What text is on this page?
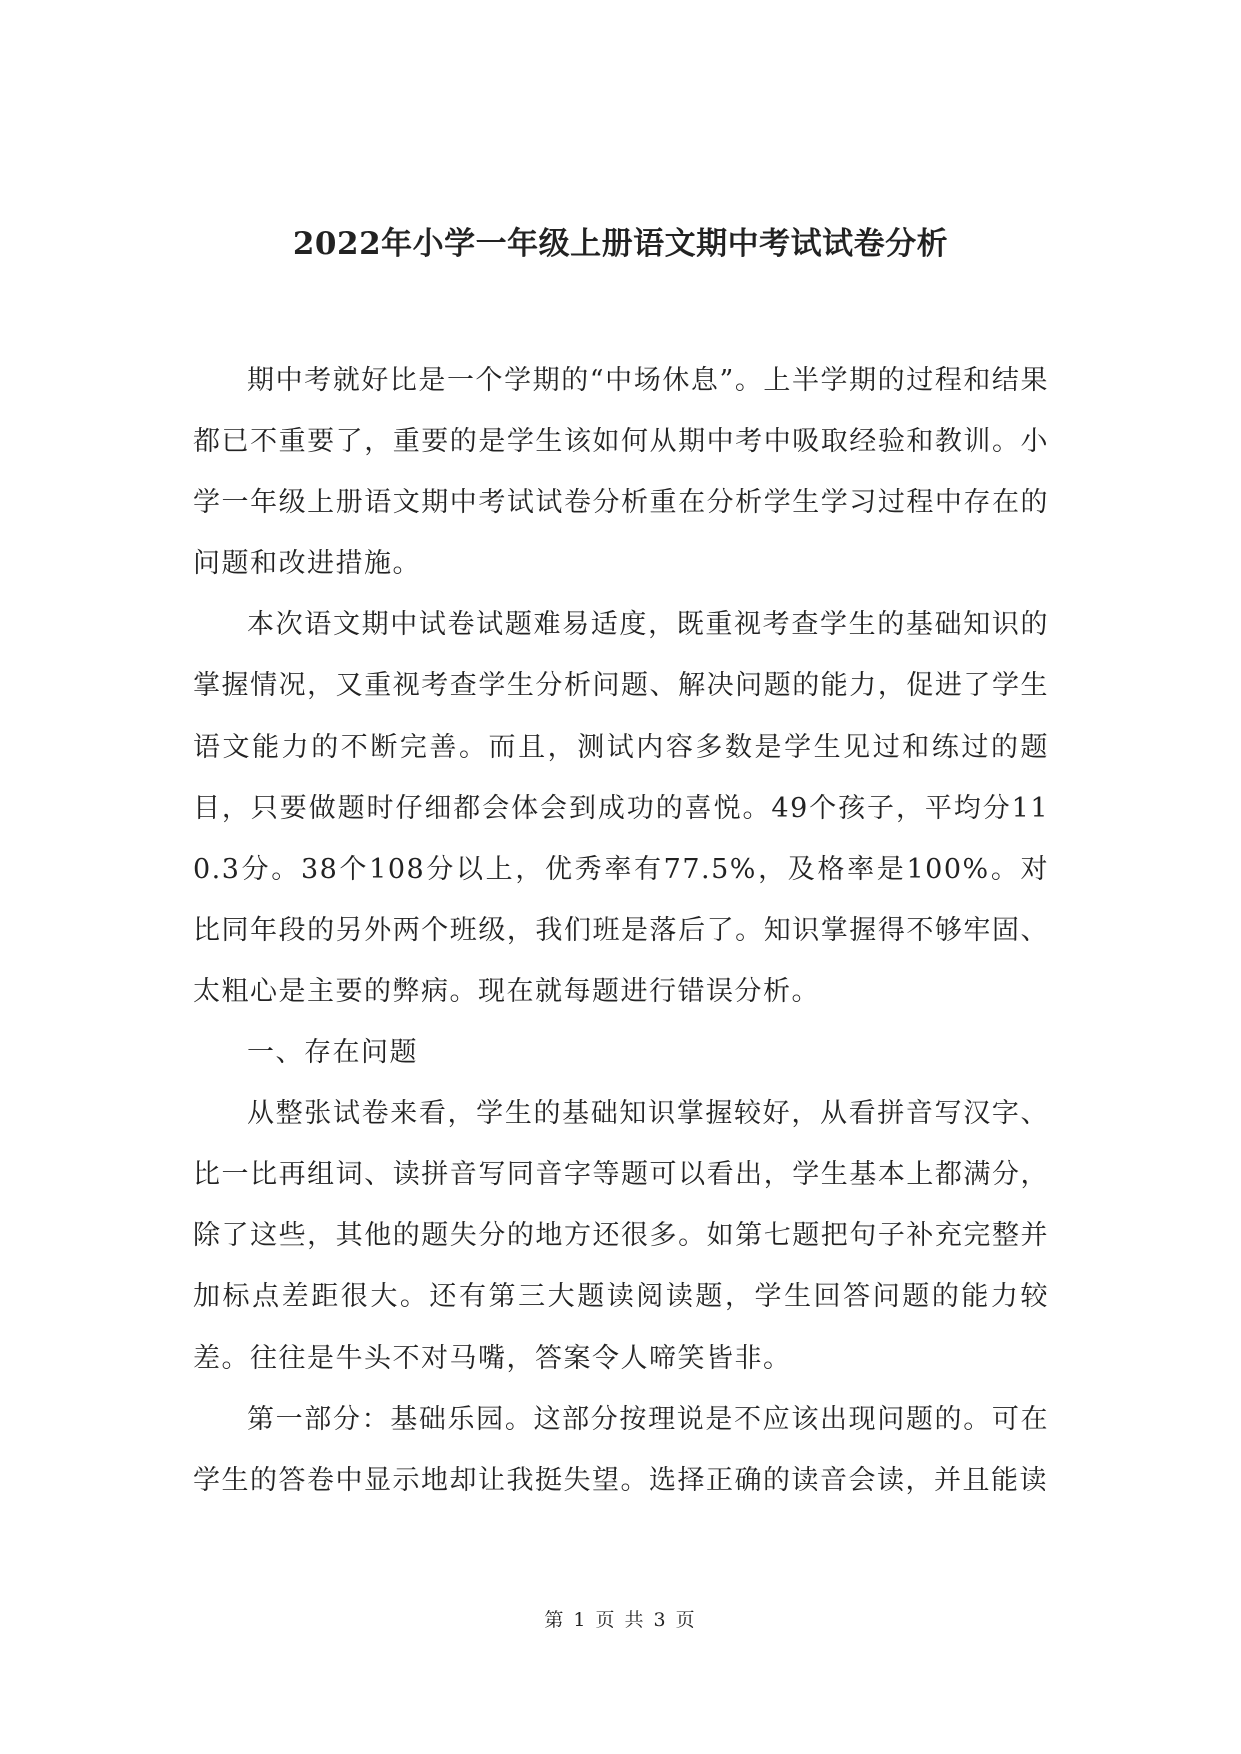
2022年小学一年级上册语文期中考试试卷分析

期中考就好比是一个学期的“中场休息”。上半学期的过程和结果都已不重要了，重要的是学生该如何从期中考中吸取经验和教训。小学一年级上册语文期中考试试卷分析重在分析学生学习过程中存在的问题和改进措施。

本次语文期中试卷试题难易适度，既重视考查学生的基础知识的掌握情况，又重视考查学生分析问题、解决问题的能力，促进了学生语文能力的不断完善。而且，测试内容多数是学生见过和练过的题目，只要做题时仔细都会体会到成功的喜悦。49个孩子，平均分110.3分。38个108分以上，优秀率有77.5%，及格率是100%。对比同年段的另外两个班级，我们班是落后了。知识掌握得不够牢固、太粗心是主要的弊病。现在就每题进行错误分析。

一、存在问题

从整张试卷来看，学生的基础知识掌握较好，从看拼音写汉字、比一比再组词、读拼音写同音字等题可以看出，学生基本上都满分，除了这些，其他的题失分的地方还很多。如第七题把句子补充完整并加标点差距很大。还有第三大题读阅读题，学生回答问题的能力较差。往往是牛头不对马嘴，答案令人啼笑皆非。

第一部分：基础乐园。这部分按理说是不应该出现问题的。可在学生的答卷中显示地却让我挺失望。选择正确的读音会读，并且能读

第 1 页 共 3 页
